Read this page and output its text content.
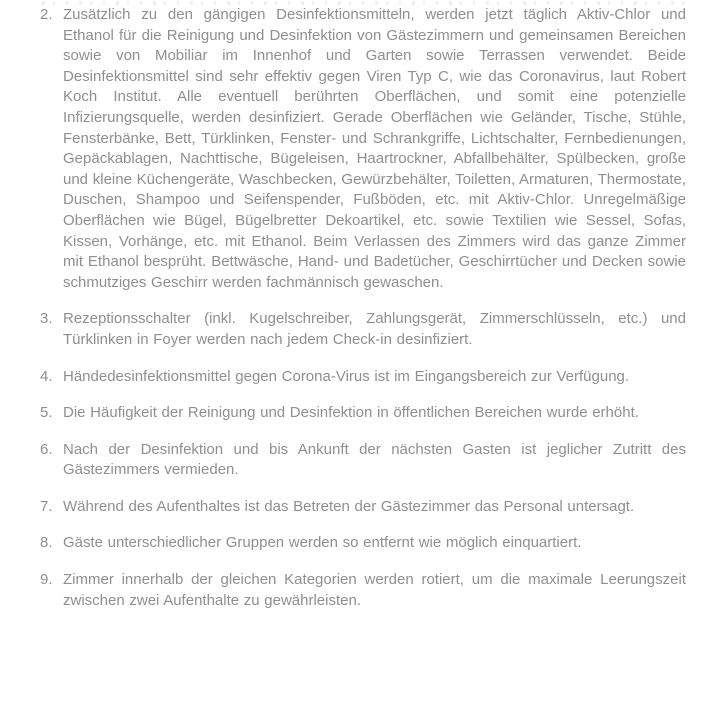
2. Zusätzlich zu den gängigen Desinfektionsmitteln, werden jetzt täglich Aktiv-Chlor und Ethanol für die Reinigung und Desinfektion von Gästezimmern und gemeinsamen Bereichen sowie von Mobiliar im Innenhof und Garten sowie Terrassen verwendet. Beide Desinfektionsmittel sind sehr effektiv gegen Viren Typ C, wie das Coronavirus, laut Robert Koch Institut. Alle eventuell berührten Oberflächen, und somit eine potenzielle Infizierungsquelle, werden desinfiziert. Gerade Oberflächen wie Geländer, Tische, Stühle, Fensterbänke, Bett, Türklinken, Fenster- und Schrankgriffe, Lichtschalter, Fernbedienungen, Gepäckablagen, Nachttische, Bügeleisen, Haartrockner, Abfallbehälter, Spülbecken, große und kleine Küchengeräte, Waschbecken, Gewürzbehälter, Toiletten, Armaturen, Thermostate, Duschen, Shampoo und Seifenspender, Fußböden, etc. mit Aktiv-Chlor. Unregelmäßige Oberflächen wie Bügel, Bügelbretter Dekoartikel, etc. sowie Textilien wie Sessel, Sofas, Kissen, Vorhänge, etc. mit Ethanol. Beim Verlassen des Zimmers wird das ganze Zimmer mit Ethanol besprüht. Bettwäsche, Hand- und Badetücher, Geschirrtücher und Decken sowie schmutziges Geschirr werden fachmännisch gewaschen.

3. Rezeptionsschalter (inkl. Kugelschreiber, Zahlungsgerät, Zimmerschlüsseln, etc.) und Türklinken in Foyer werden nach jedem Check-in desinfiziert.

4. Händedesinfektionsmittel gegen Corona-Virus ist im Eingangsbereich zur Verfügung.

5. Die Häufigkeit der Reinigung und Desinfektion in öffentlichen Bereichen wurde erhöht.

6. Nach der Desinfektion und bis Ankunft der nächsten Gasten ist jeglicher Zutritt des Gästezimmers vermieden.

7. Während des Aufenthaltes ist das Betreten der Gästezimmer das Personal untersagt.

8. Gäste unterschiedlicher Gruppen werden so entfernt wie möglich einquartiert.

9. Zimmer innerhalb der gleichen Kategorien werden rotiert, um die maximale Leerungszeit zwischen zwei Aufenthalte zu gewährleisten.
